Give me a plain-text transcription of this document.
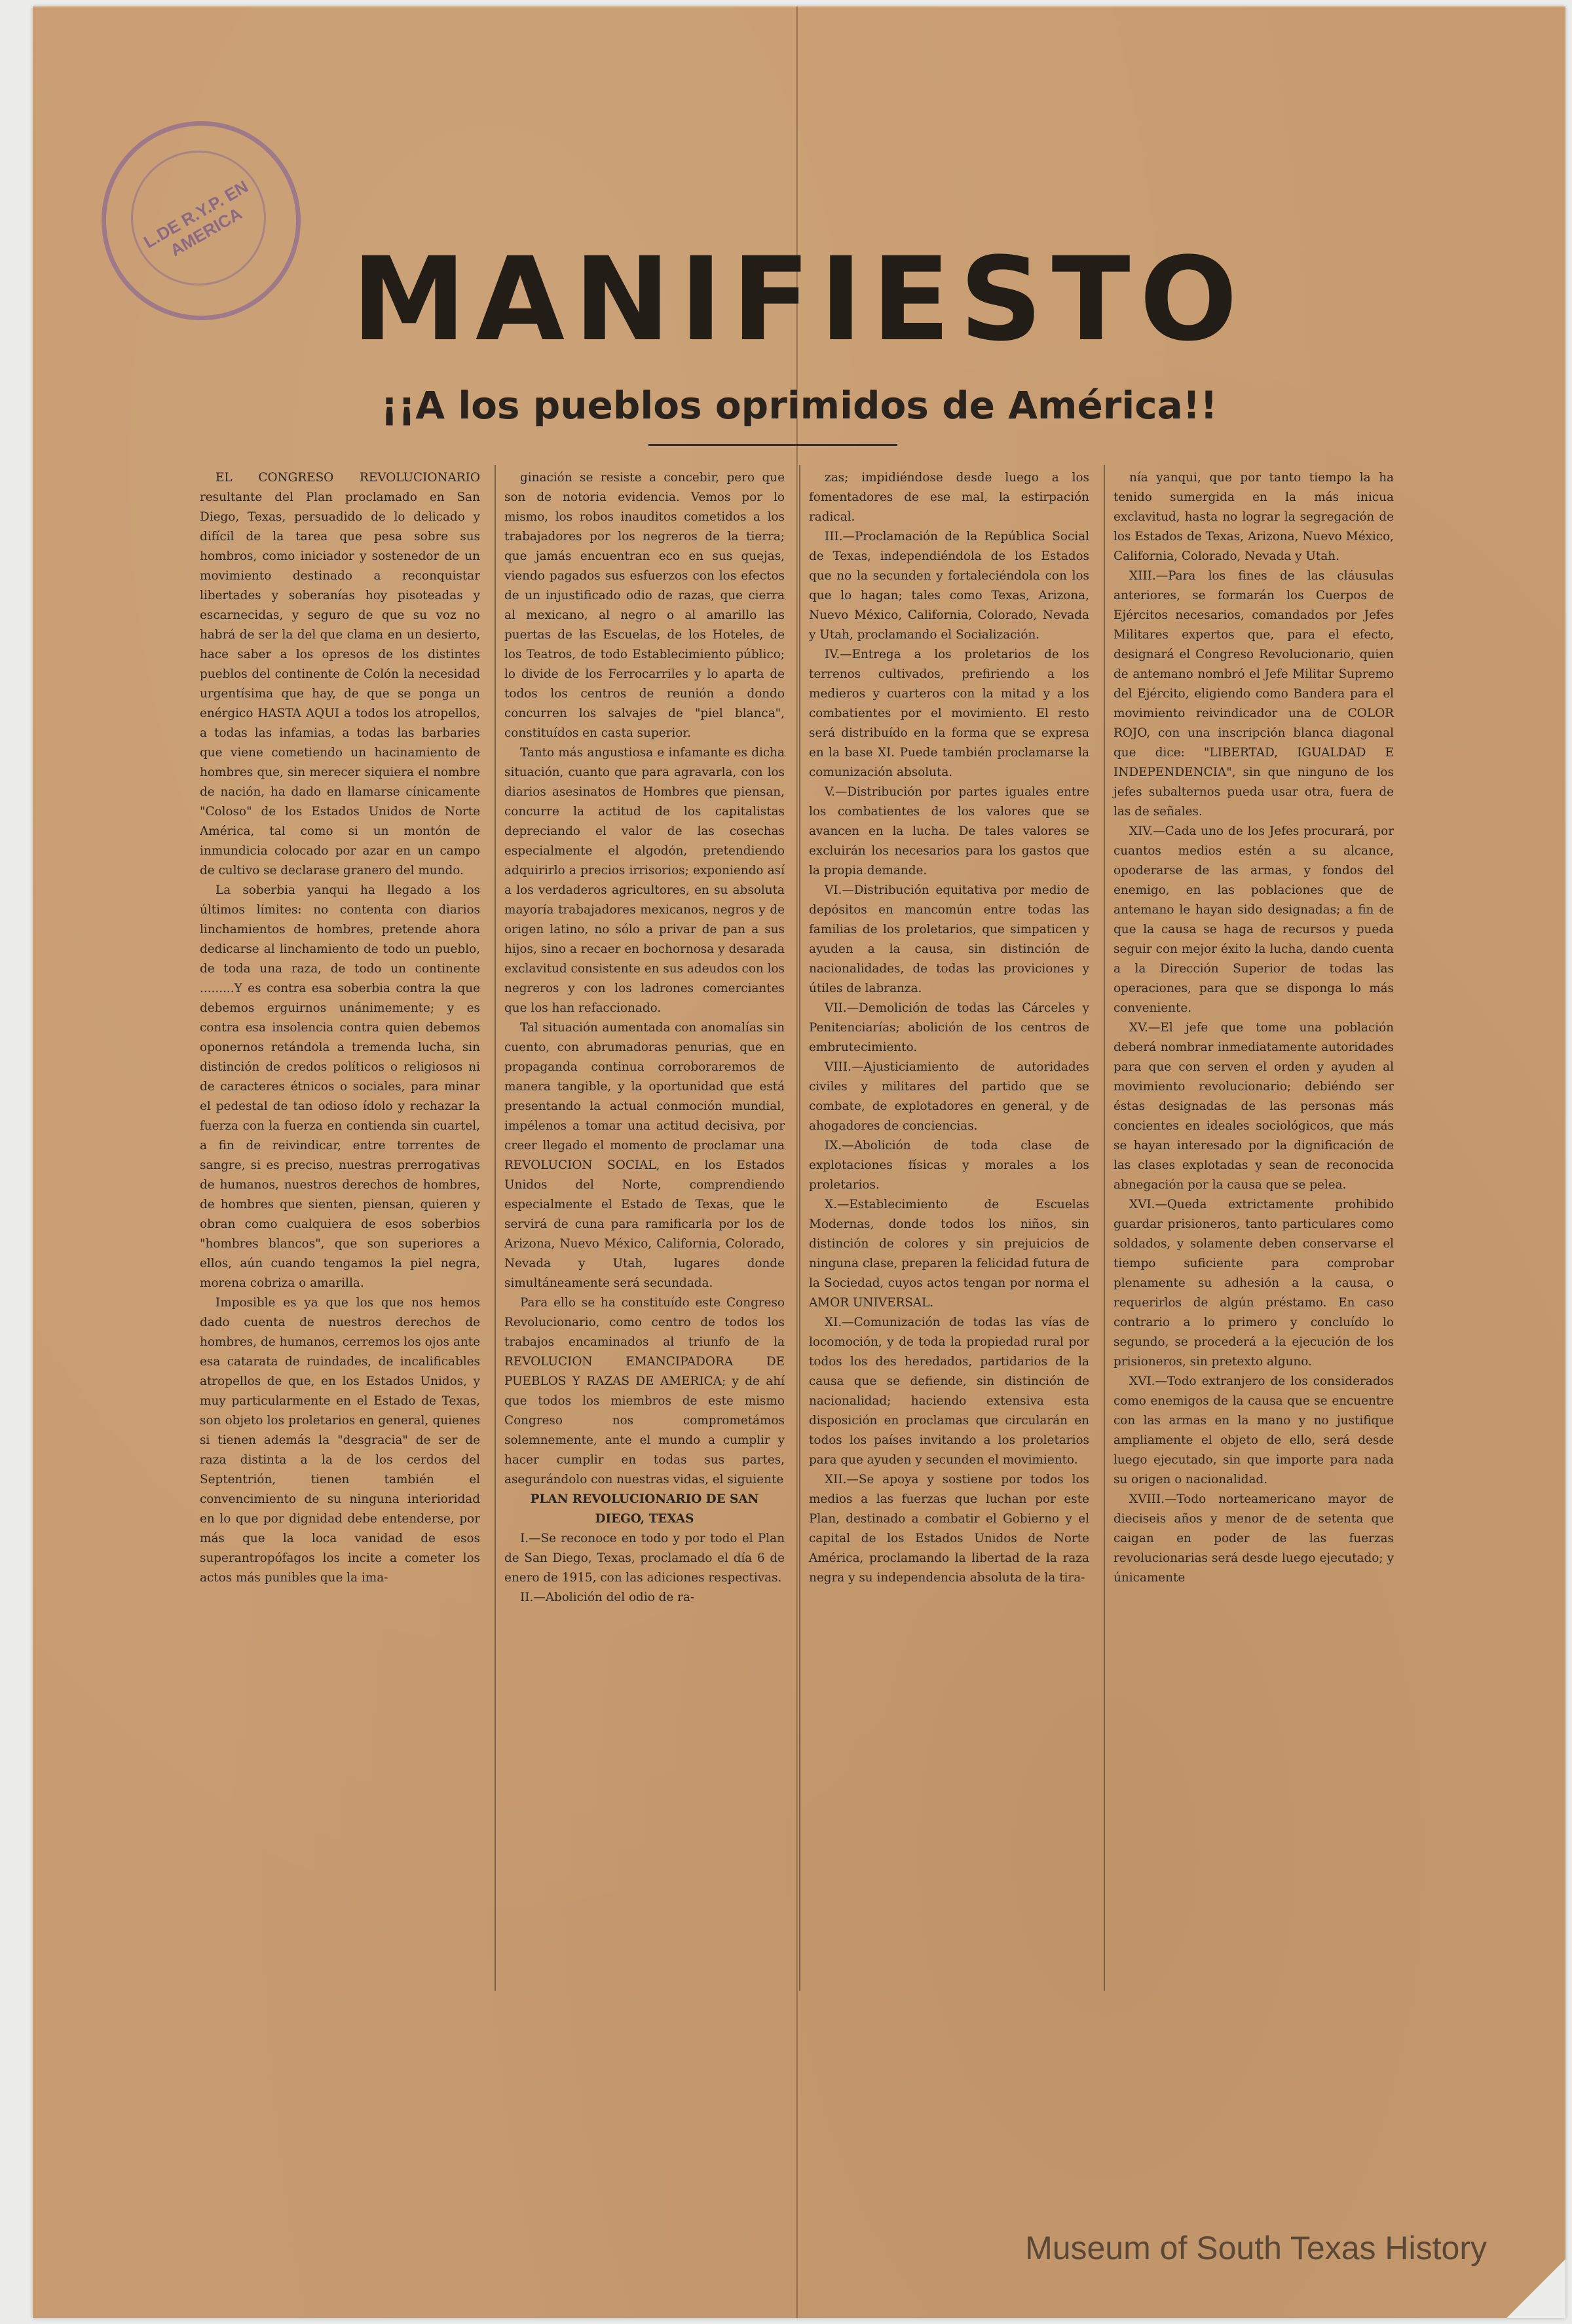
L.DE R.Y.P. EN AMERICA
MANIFIESTO
¡¡A los pueblos oprimidos de América!!

EL CONGRESO REVOLUCIONARIO resultante del Plan proclamado en San Diego, Texas, persuadido de lo delicado y difícil de la tarea que pesa sobre sus hombros, como iniciador y sostenedor de un movimiento destinado a reconquistar libertades y soberanías hoy pisoteadas y escarnecidas, y seguro de que su voz no habrá de ser la del que clama en un desierto, hace saber a los opresos de los distintes pueblos del continente de Colón la necesidad urgentísima que hay, de que se ponga un enérgico HASTA AQUI a todos los atropellos, a todas las infamias, a todas las barbaries que viene cometiendo un hacinamiento de hombres que, sin merecer siquiera el nombre de nación, ha dado en llamarse cínicamente "Coloso" de los Estados Unidos de Norte América, tal como si un montón de inmundicia colocado por azar en un campo de cultivo se declarase granero del mundo.

La soberbia yanqui ha llegado a los últimos límites: no contenta con diarios linchamientos de hombres, pretende ahora dedicarse al linchamiento de todo un pueblo, de toda una raza, de todo un continente .........Y es contra esa soberbia contra la que debemos erguirnos unánimemente; y es contra esa insolencia contra quien debemos oponernos retándola a tremenda lucha, sin distinción de credos políticos o religiosos ni de caracteres étnicos o sociales, para minar el pedestal de tan odioso ídolo y rechazar la fuerza con la fuerza en contienda sin cuartel, a fin de reivindicar, entre torrentes de sangre, si es preciso, nuestras prerrogativas de humanos, nuestros derechos de hombres, de hombres que sienten, piensan, quieren y obran como cualquiera de esos soberbios "hombres blancos", que son superiores a ellos, aún cuando tengamos la piel negra, morena cobriza o amarilla.

Imposible es ya que los que nos hemos dado cuenta de nuestros derechos de hombres, de humanos, cerremos los ojos ante esa catarata de ruindades, de incalificables atropellos de que, en los Estados Unidos, y muy particularmente en el Estado de Texas, son objeto los proletarios en general, quienes si tienen además la "desgracia" de ser de raza distinta a la de los cerdos del Septentrión, tienen también el convencimiento de su ninguna interioridad en lo que por dignidad debe entenderse, por más que la loca vanidad de esos superantropófagos los incite a cometer los actos más punibles que la ima-

ginación se resiste a concebir, pero que son de notoria evidencia. Vemos por lo mismo, los robos inauditos cometidos a los trabajadores por los negreros de la tierra; que jamás encuentran eco en sus quejas, viendo pagados sus esfuerzos con los efectos de un injustificado odio de razas, que cierra al mexicano, al negro o al amarillo las puertas de las Escuelas, de los Hoteles, de los Teatros, de todo Establecimiento público; lo divide de los Ferrocarriles y lo aparta de todos los centros de reunión a dondo concurren los salvajes de "piel blanca", constituídos en casta superior.

Tanto más angustiosa e infamante es dicha situación, cuanto que para agravarla, con los diarios asesinatos de Hombres que piensan, concurre la actitud de los capitalistas depreciando el valor de las cosechas especialmente el algodón, pretendiendo adquirirlo a precios irrisorios; exponiendo así a los verdaderos agricultores, en su absoluta mayoría trabajadores mexicanos, negros y de origen latino, no sólo a privar de pan a sus hijos, sino a recaer en bochornosa y desarada exclavitud consistente en sus adeudos con los negreros y con los ladrones comerciantes que los han refaccionado.

Tal situación aumentada con anomalías sin cuento, con abrumadoras penurias, que en propaganda continua corroboraremos de manera tangible, y la oportunidad que está presentando la actual conmoción mundial, impélenos a tomar una actitud decisiva, por creer llegado el momento de proclamar una REVOLUCION SOCIAL, en los Estados Unidos del Norte, comprendiendo especialmente el Estado de Texas, que le servirá de cuna para ramificarla por los de Arizona, Nuevo México, California, Colorado, Nevada y Utah, lugares donde simultáneamente será secundada.

Para ello se ha constituído este Congreso Revolucionario, como centro de todos los trabajos encaminados al triunfo de la REVOLUCION EMANCIPADORA DE PUEBLOS Y RAZAS DE AMERICA; y de ahí que todos los miembros de este mismo Congreso nos comprometámos solemnemente, ante el mundo a cumplir y hacer cumplir en todas sus partes, asegurándolo con nuestras vidas, el siguiente

PLAN REVOLUCIONARIO DE SAN DIEGO, TEXAS

I.—Se reconoce en todo y por todo el Plan de San Diego, Texas, proclamado el día 6 de enero de 1915, con las adiciones respectivas.

II.—Abolición del odio de ra-

zas; impidiéndose desde luego a los fomentadores de ese mal, la estirpación radical.

III.—Proclamación de la República Social de Texas, independiéndola de los Estados que no la secunden y fortaleciéndola con los que lo hagan; tales como Texas, Arizona, Nuevo México, California, Colorado, Nevada y Utah, proclamando el Socialización.

IV.—Entrega a los proletarios de los terrenos cultivados, prefiriendo a los medieros y cuarteros con la mitad y a los combatientes por el movimiento. El resto será distribuído en la forma que se expresa en la base XI. Puede también proclamarse la comunización absoluta.

V.—Distribución por partes iguales entre los combatientes de los valores que se avancen en la lucha. De tales valores se excluirán los necesarios para los gastos que la propia demande.

VI.—Distribución equitativa por medio de depósitos en mancomún entre todas las familias de los proletarios, que simpaticen y ayuden a la causa, sin distinción de nacionalidades, de todas las proviciones y útiles de labranza.

VII.—Demolición de todas las Cárceles y Penitenciarías; abolición de los centros de embrutecimiento.

VIII.—Ajusticiamiento de autoridades civiles y militares del partido que se combate, de explotadores en general, y de ahogadores de conciencias.

IX.—Abolición de toda clase de explotaciones físicas y morales a los proletarios.

X.—Establecimiento de Escuelas Modernas, donde todos los niños, sin distinción de colores y sin prejuicios de ninguna clase, preparen la felicidad futura de la Sociedad, cuyos actos tengan por norma el AMOR UNIVERSAL.

XI.—Comunización de todas las vías de locomoción, y de toda la propiedad rural por todos los des heredados, partidarios de la causa que se defiende, sin distinción de nacionalidad; haciendo extensiva esta disposición en proclamas que circularán en todos los países invitando a los proletarios para que ayuden y secunden el movimiento.

XII.—Se apoya y sostiene por todos los medios a las fuerzas que luchan por este Plan, destinado a combatir el Gobierno y el capital de los Estados Unidos de Norte América, proclamando la libertad de la raza negra y su independencia absoluta de la tira-

nía yanqui, que por tanto tiempo la ha tenido sumergida en la más inicua exclavitud, hasta no lograr la segregación de los Estados de Texas, Arizona, Nuevo México, California, Colorado, Nevada y Utah.

XIII.—Para los fines de las cláusulas anteriores, se formarán los Cuerpos de Ejércitos necesarios, comandados por Jefes Militares expertos que, para el efecto, designará el Congreso Revolucionario, quien de antemano nombró el Jefe Militar Supremo del Ejército, eligiendo como Bandera para el movimiento reivindicador una de COLOR ROJO, con una inscripción blanca diagonal que dice: "LIBERTAD, IGUALDAD E INDEPENDENCIA", sin que ninguno de los jefes subalternos pueda usar otra, fuera de las de señales.

XIV.—Cada uno de los Jefes procurará, por cuantos medios estén a su alcance, opoderarse de las armas, y fondos del enemigo, en las poblaciones que de antemano le hayan sido designadas; a fin de que la causa se haga de recursos y pueda seguir con mejor éxito la lucha, dando cuenta a la Dirección Superior de todas las operaciones, para que se disponga lo más conveniente.

XV.—El jefe que tome una población deberá nombrar inmediatamente autoridades para que con serven el orden y ayuden al movimiento revolucionario; debiéndo ser éstas designadas de las personas más concientes en ideales sociológicos, que más se hayan interesado por la dignificación de las clases explotadas y sean de reconocida abnegación por la causa que se pelea.

XVI.—Queda extrictamente prohibido guardar prisioneros, tanto particulares como soldados, y solamente deben conservarse el tiempo suficiente para comprobar plenamente su adhesión a la causa, o requerirlos de algún préstamo. En caso contrario a lo primero y concluído lo segundo, se procederá a la ejecución de los prisioneros, sin pretexto alguno.

XVI.—Todo extranjero de los considerados como enemigos de la causa que se encuentre con las armas en la mano y no justifique ampliamente el objeto de ello, será desde luego ejecutado, sin que importe para nada su origen o nacionalidad.

XVIII.—Todo norteamericano mayor de dieciseis años y menor de de setenta que caigan en poder de las fuerzas revolucionarias será desde luego ejecutado; y únicamente

Museum of South Texas History
